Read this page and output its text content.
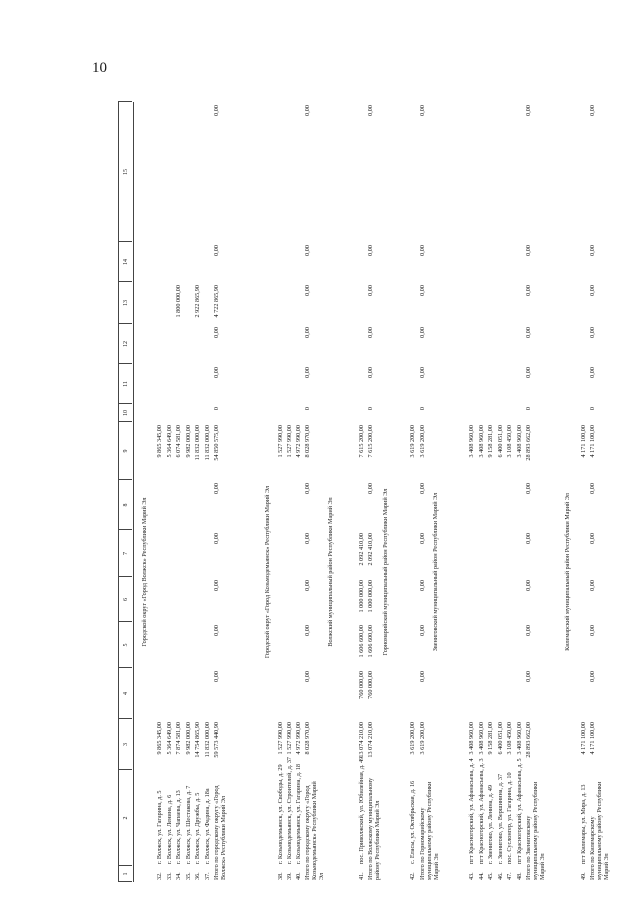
10
1
2
3
4
5
6
7
8
9
10
11
12
13
14
15
Городской округ «Город Волжск» Республики Марий Эл
32.
г. Волжск, ул. Гагарина, д. 5
9 865 345,00
9 865 345,00
33.
г. Волжск, ул. Ленина, д. 6
5 364 649,00
5 364 649,00
34.
г. Волжск, ул. Чапаева, д. 13
7 874 581,00
6 074 581,00
1 800 000,00
35.
г. Волжск, ул. Шестакова, д. 7
9 982 000,00
9 982 000,00
36.
г. Волжск, ул. Дружбы, д. 5
14 754 865,90
11 832 000,00
2 922 865,90
37.
г. Волжск, ул. Фадина, д. 18а
11 832 000,00
11 832 000,00
Итого по городскому округу «Город Волжск» Республики Марий Эл
59 573 440,90
0,00
0,00
0,00
0,00
0,00
54 850 575,00
0
0,00
0,00
4 722 865,90
0,00
0,00
Городской округ «Город Козьмодемьянск» Республики Марий Эл
38.
г. Козьмодемьянск, ул. Свободы, д. 29
1 527 990,00
1 527 990,00
39.
г. Козьмодемьянск, ул. Строителей, д. 37
1 527 990,00
1 527 990,00
40.
г. Козьмодемьянск, ул. Гагарина, д. 18
4 972 990,00
4 972 990,00
Итого по городскому округу «Город Козьмодемьянск» Республики Марий Эл
8 028 970,00
0,00
0,00
0,00
0,00
0,00
8 028 970,00
0
0,00
0,00
0,00
0,00
0,00
Волжский муниципальный район Республики Марий Эл
41.
пос. Приволжский, ул. Юбилейная, д. 49
13 074 210,00
760 000,00
1 606 600,00
1 000 000,00
2 092 410,00
7 615 200,00
Итого по Волжскому муниципальному району Республики Марий Эл
13 074 210,00
760 000,00
1 606 600,00
1 000 000,00
2 092 410,00
0,00
7 615 200,00
0
0,00
0,00
0,00
0,00
0,00
Горномарийский муниципальный район Республики Марий Эл
42.
с. Еласы, ул. Октябрьская, д. 16
3 619 200,00
3 619 200,00
Итого по Горномарийскому муниципальному району Республики Марий Эл
3 619 200,00
0,00
0,00
0,00
0,00
0,00
3 619 200,00
0
0,00
0,00
0,00
0,00
0,00
Звениговский муниципальный район Республики Марий Эл
43.
пгт Красногорский, ул. Афанасьева, д. 4
3 408 960,00
3 408 960,00
44.
пгт Красногорский, ул. Афанасьева, д. 3
3 408 960,00
3 408 960,00
45.
г. Звенигово, ул. Ленина, д. 49
9 158 281,00
9 158 281,00
46.
г. Звенигово, ул. Вершинина, д. 37
6 400 051,00
6 400 051,00
47.
пос. Суслонгер, ул. Гагарина, д. 10
3 108 450,00
3 108 450,00
48.
пгт Красногорский, ул. Афанасьева, д. 5
3 408 960,00
3 408 960,00
Итого по Звениговскому муниципальному району Республики Марий Эл
28 893 662,00
0,00
0,00
0,00
0,00
0,00
28 893 662,00
0
0,00
0,00
0,00
0,00
0,00
Килемарский муниципальный район Республики Марий Эл
49.
пгт Килемары, ул. Мира, д. 13
4 171 100,00
4 171 100,00
Итого по Килемарскому муниципальному району Республики Марий Эл
4 171 100,00
0,00
0,00
0,00
0,00
0,00
4 171 100,00
0
0,00
0,00
0,00
0,00
0,00
